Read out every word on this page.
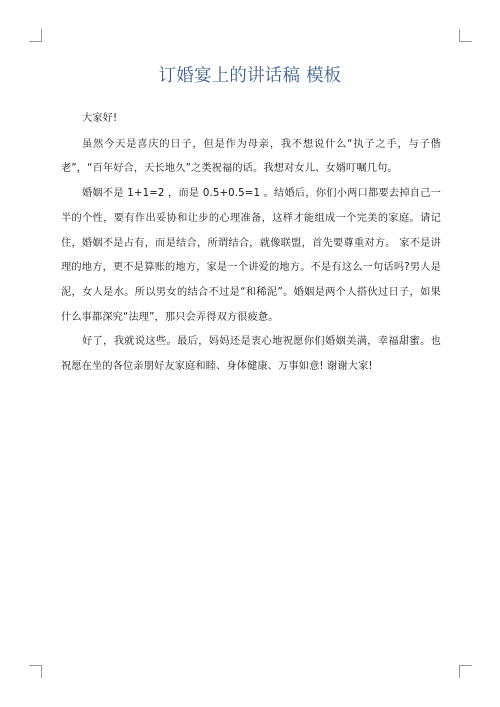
订婚宴上的讲话稿 模板

大家好!

虽然今天是喜庆的日子，但是作为母亲，我不想说什么“执子之手，与子偕老”，“百年好合，天长地久”之类祝福的话。我想对女儿、女婿叮嘱几句。

婚姻不是 1+1=2 ，而是 0.5+0.5=1 。结婚后，你们小两口都要去掉自己一半的个性，要有作出妥协和让步的心理准备，这样才能组成一个完美的家庭。请记住，婚姻不是占有，而是结合，所谓结合，就像联盟，首先要尊重对方。 家不是讲理的地方，更不是算账的地方，家是一个讲爱的地方。不是有这么一句话吗?男人是泥，女人是水。所以男女的结合不过是“和稀泥”。婚姻是两个人搭伙过日子，如果什么事都深究“法理”，那只会弄得双方很疲惫。

好了，我就说这些。最后，妈妈还是衷心地祝愿你们婚姻美满，幸福甜蜜。也祝愿在坐的各位亲朋好友家庭和睦、身体健康、万事如意! 谢谢大家!
